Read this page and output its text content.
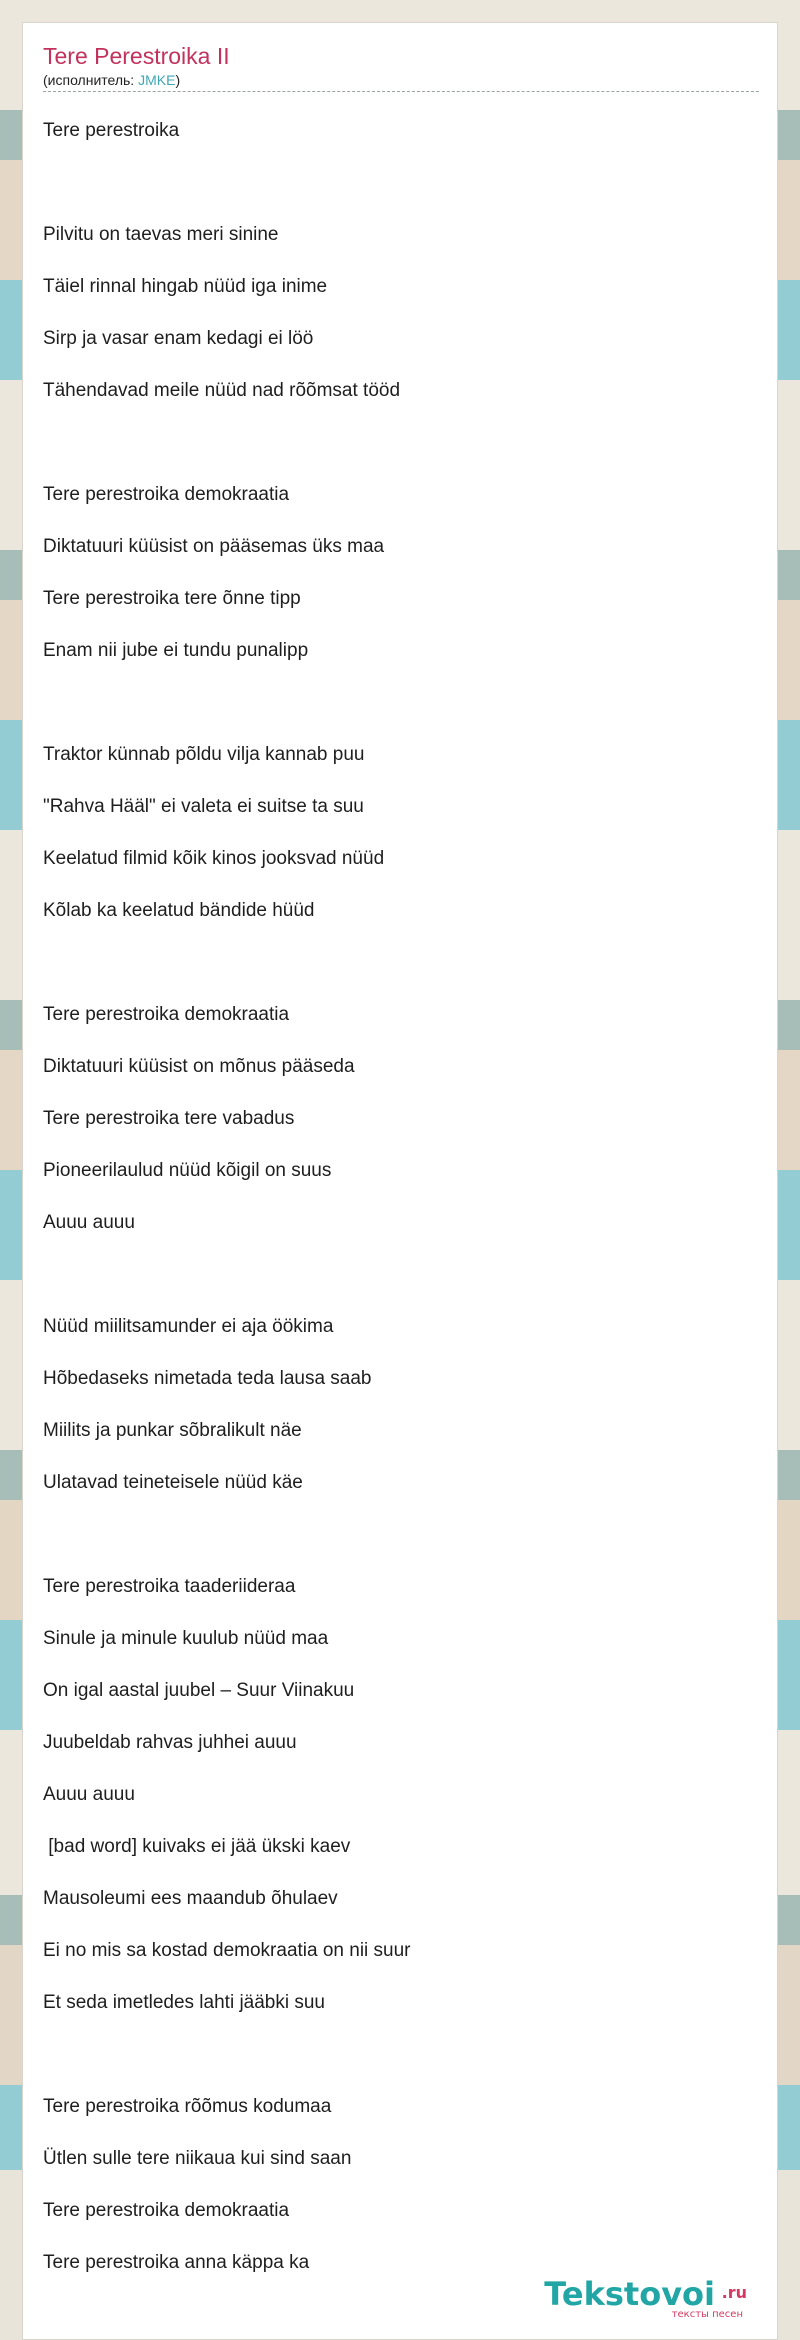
Tere Perestroika II
(исполнитель: JMKE)
Tere perestroika
Pilvitu on taevas meri sinine
Täiel rinnal hingab nüüd iga inime
Sirp ja vasar enam kedagi ei löö
Tähendavad meile nüüd nad rõõmsat tööd
Tere perestroika demokraatia
Diktatuuri küüsist on pääsemas üks maa
Tere perestroika tere õnne tipp
Enam nii jube ei tundu punalipp
Traktor künnab põldu vilja kannab puu
"Rahva Hääl" ei valeta ei suitse ta suu
Keelatud filmid kõik kinos jooksvad nüüd
Kõlab ka keelatud bändide hüüd
Tere perestroika demokraatia
Diktatuuri küüsist on mõnus pääseda
Tere perestroika tere vabadus
Pioneerilaulud nüüd kõigil on suus
Auuu auuu
Nüüd miilitsamunder ei aja öökima
Hõbedaseks nimetada teda lausa saab
Miilits ja punkar sõbralikult näe
Ulatavad teineteisele nüüd käe
Tere perestroika taaderiideraa
Sinule ja minule kuulub nüüd maa
On igal aastal juubel – Suur Viinakuu
Juubeldab rahvas juhhei auuu
Auuu auuu
[bad word] kuivaks ei jää ükski kaev
Mausoleumi ees maandub õhulaev
Ei no mis sa kostad demokraatia on nii suur
Et seda imetledes lahti jääbki suu
Tere perestroika rõõmus kodumaa
Ütlen sulle tere niikaua kui sind saan
Tere perestroika demokraatia
Tere perestroika anna käppa ka
Tekstovoi .ru
тексты песен
